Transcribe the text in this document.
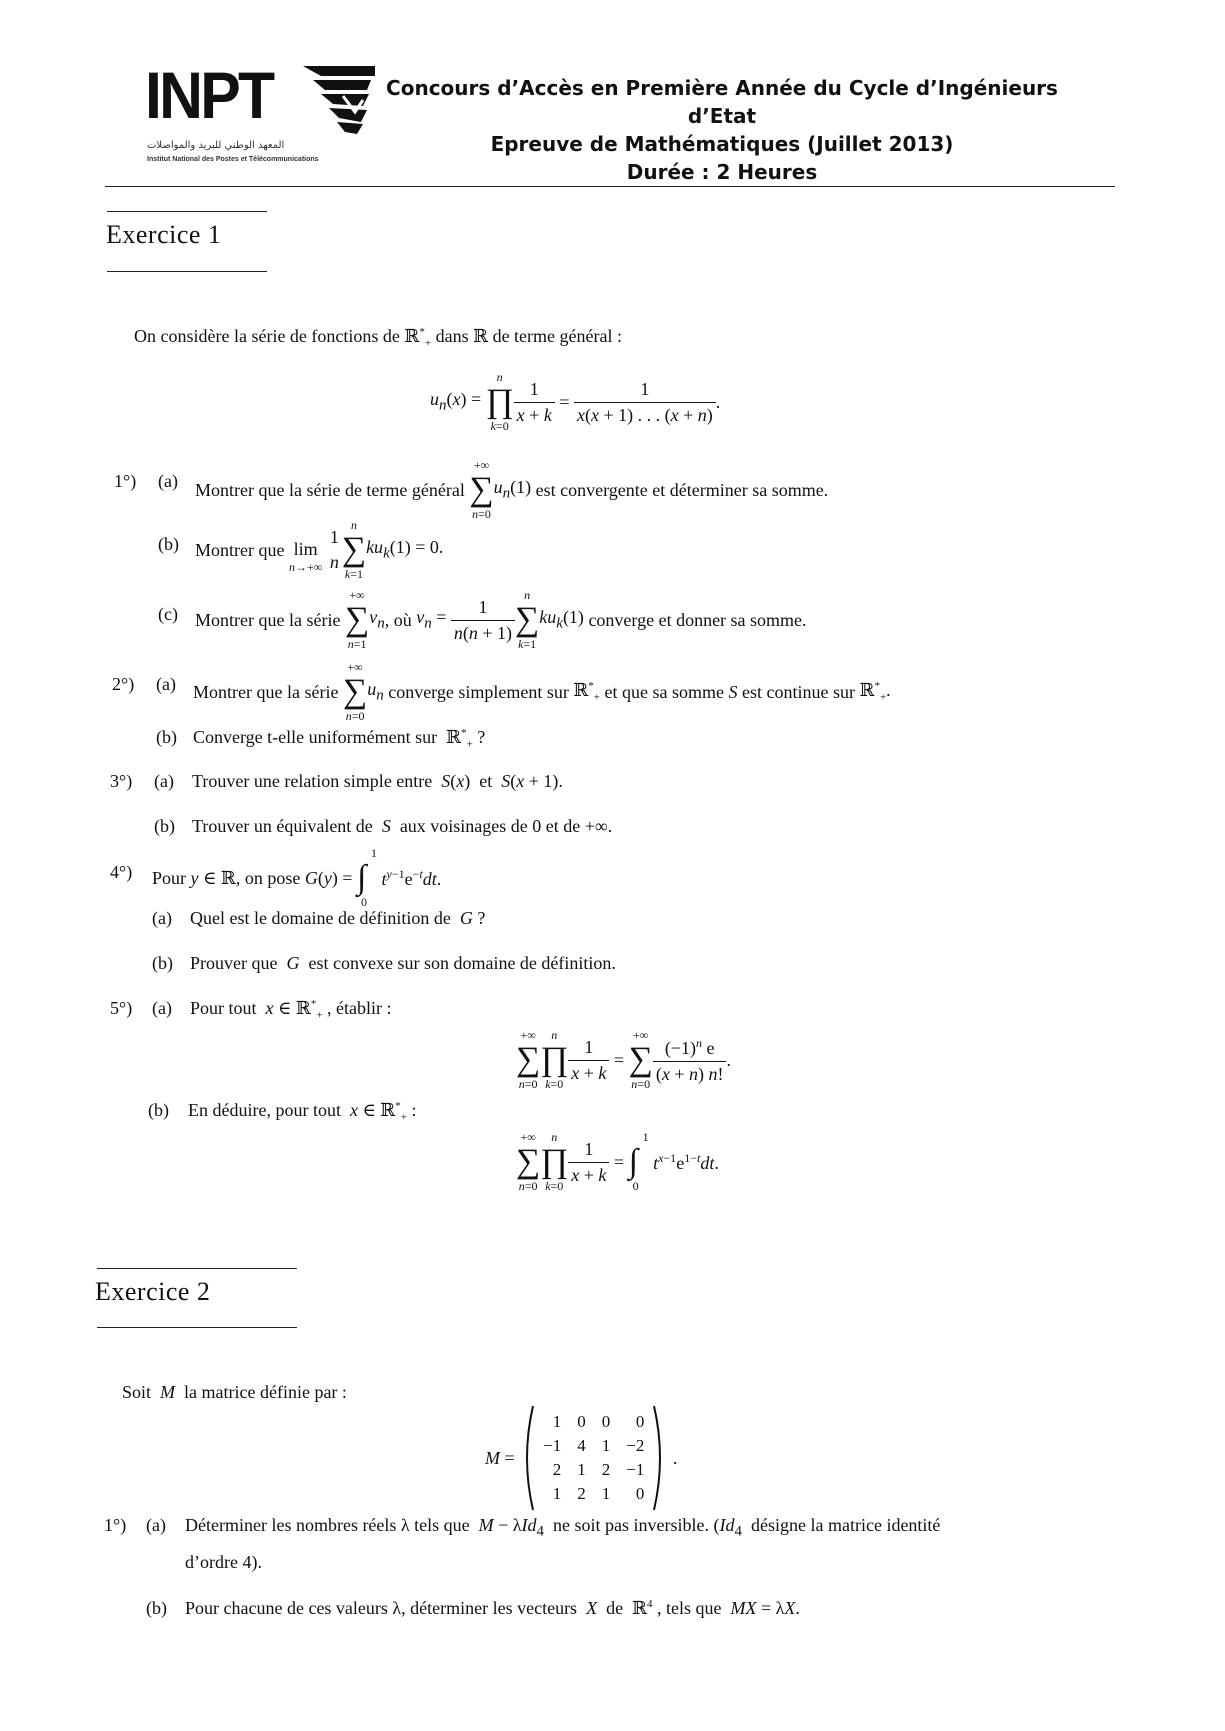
INPT
المعهد الوطني للبريد والمواصلات
Institut National des Postes et Télécommunications
Concours d’Accès en Première Année du Cycle d’Ingénieurs d’Etat
Epreuve de Mathématiques (Juillet 2013)
Durée : 2 Heures
Exercice 1
On considère la série de fonctions de ℝ*$_+$ dans ℝ de terme général :
$u_n(x)$ =
n
∏
k=0
$\frac{1}{x + k} = \frac{1}{x(x + 1) . . . (x + n)}$ .
1°) (a) Montrer que la série de terme général

+∞
∑
n=0
$u_n(1)$ est convergente et déterminer sa somme.
(b) Montrer que
lim
n→+∞

1
n
n
∑
k=1
$ku_k(1) = 0$.
(c) Montrer que la série

+∞
∑
n=1
$v_n$ , où
$v_n = \frac{1}{n(n + 1)}$
n
∑
k=1
$ku_k(1)$ converge et donner sa somme.
2°) (a) Montrer que la série

+∞
∑
n=0
$u_n$ converge simplement sur ℝ*$_+$ et que sa somme
S
est continue sur ℝ*$_+$.
(b) Converge t-elle uniformément sur  ℝ*$_+$ ?
3°) (a) Trouver une relation simple entre S(x)  et S(x + 1).
(b) Trouver un équivalent de S aux voisinages de 0 et de +∞.
4°) Pour y ∈ ℝ , on pose G(y) =
1
∫
0
$t^{y-1}e^{-t}dt$.
(a) Quel est le domaine de définition de G ?
(b) Prouver que G est convexe sur son domaine de définition.
5°) (a) Pour tout x ∈ ℝ*$_+$ , établir :
+∞
∑
n=0
n
∏
k=0
$\frac{1}{x + k}$ =
+∞
∑
$n=0 \frac{(-1)^n e}{(x + n) n!}$ .
(b) En déduire, pour tout x ∈ ℝ*$_+$ :
+∞
∑
n=0
n
∏
k=0
$\frac{1}{x + k}$ =
1
∫
0
$t^{x-1}e^{1-t}dt$.
Exercice 2
Soit M la matrice définie par :
M =
1	0	0	0
−1	4	1	−2
2	1	2	−1
1	2	1	0
.
1°) (a) Déterminer les nombres réels λ tels que M − λId$_4$ ne soit pas inversible. ($Id_4$ désigne la matrice identité
d’ordre 4).
(b) Pour chacune de ces valeurs λ, déterminer les vecteurs X de  ℝ$^4$ , tels que MX = λX.
